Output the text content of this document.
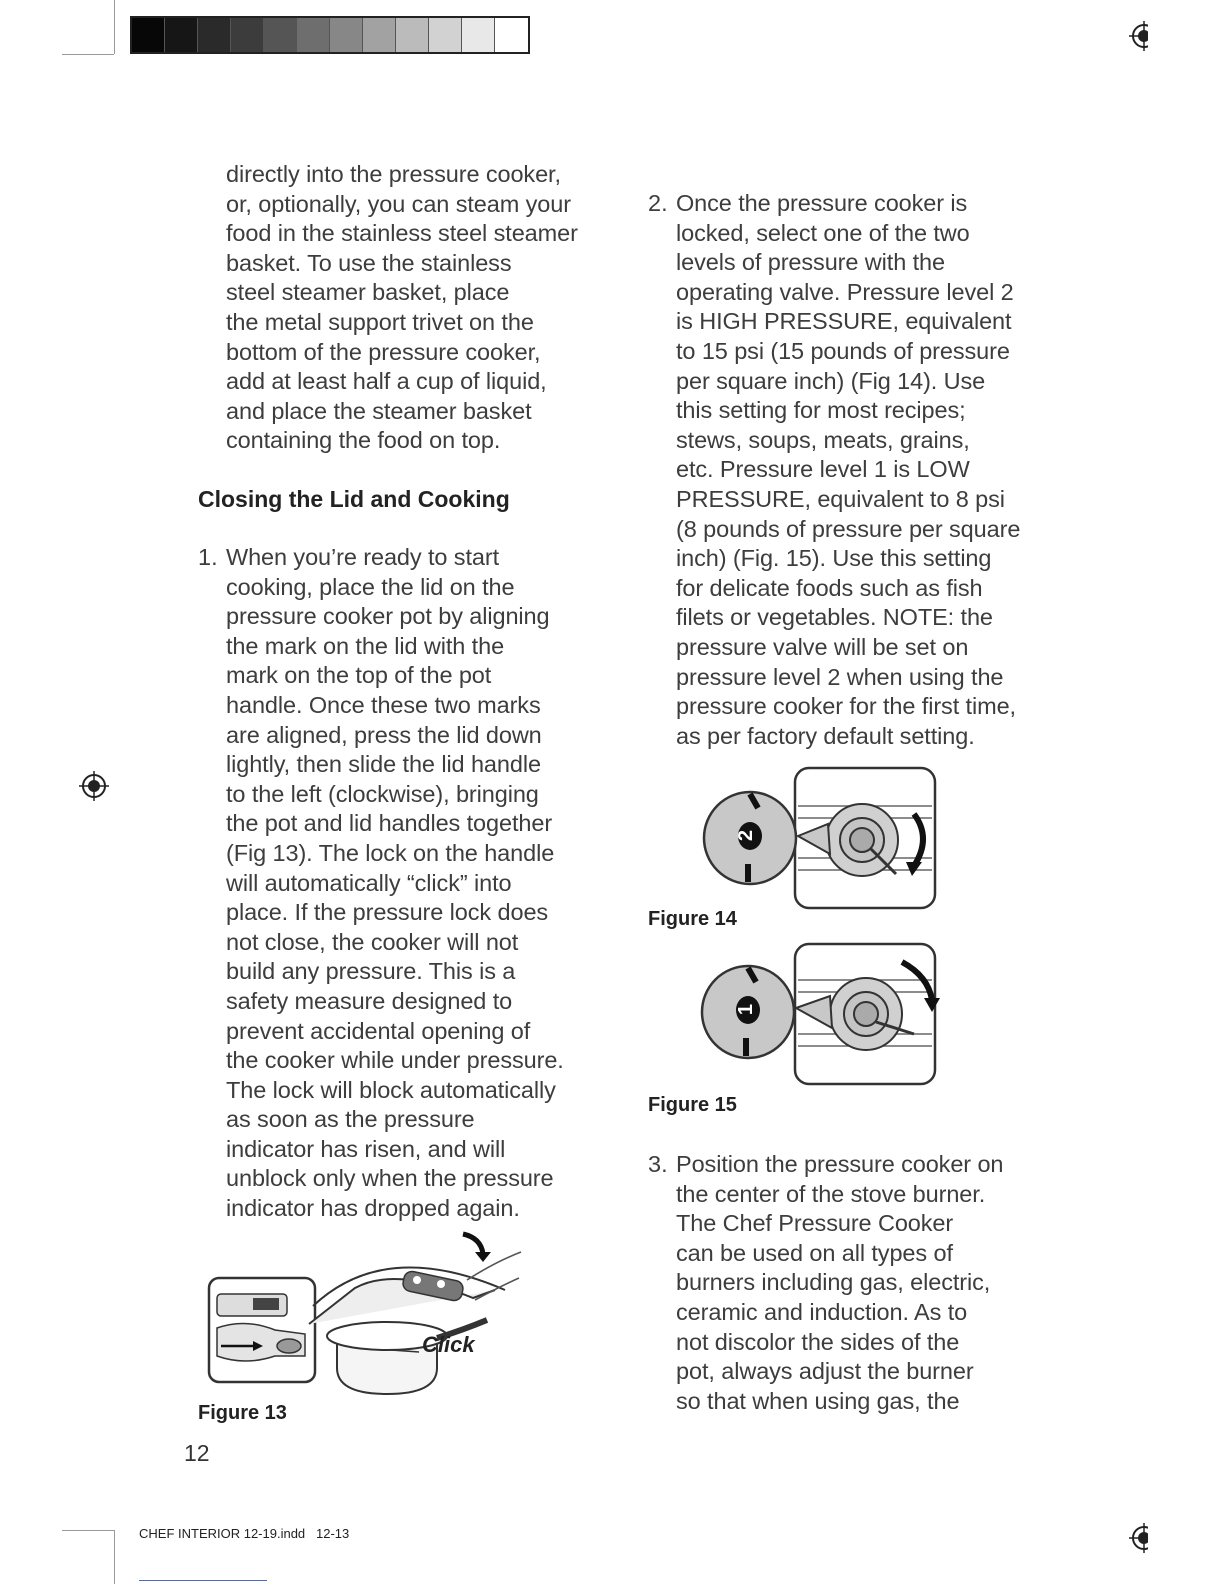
directly into the pressure cooker,
or, optionally, you can steam your
food in the stainless steel steamer
basket. To use the stainless
steel steamer basket, place
the metal support trivet on the
bottom of the pressure cooker,
add at least half a cup of liquid,
and place the steamer basket
containing the food on top.
Closing the Lid and Cooking
1. When you’re ready to start
cooking, place the lid on the
pressure cooker pot by aligning
the mark on the lid with the
mark on the top of the pot
handle. Once these two marks
are aligned, press the lid down
lightly, then slide the lid handle
to the left (clockwise), bringing
the pot and lid handles together
(Fig 13). The lock on the handle
will automatically “click” into
place. If the pressure lock does
not close, the cooker will not
build any pressure. This is a
safety measure designed to
prevent accidental opening of
the cooker while under pressure.
The lock will block automatically
as soon as the pressure
indicator has risen, and will
unblock only when the pressure
indicator has dropped again.
Click
Figure 13
12
2. Once the pressure cooker is
locked, select one of the two
levels of pressure with the
operating valve. Pressure level 2
is HIGH PRESSURE, equivalent
to 15 psi (15 pounds of pressure
per square inch) (Fig 14). Use
this setting for most recipes;
stews, soups, meats, grains,
etc. Pressure level 1 is LOW
PRESSURE, equivalent to 8 psi
(8 pounds of pressure per square
inch) (Fig. 15). Use this setting
for delicate foods such as fish
filets or vegetables. NOTE: the
pressure valve will be set on
pressure level 2 when using the
pressure cooker for the first time,
as per factory default setting.
2
Figure 14
1
Figure 15
3. Position the pressure cooker on
the center of the stove burner.
The Chef Pressure Cooker
can be used on all types of
burners including gas, electric,
ceramic and induction. As to
not discolor the sides of the
pot, always adjust the burner
so that when using gas, the
CHEF INTERIOR 12-19.indd   12-13
